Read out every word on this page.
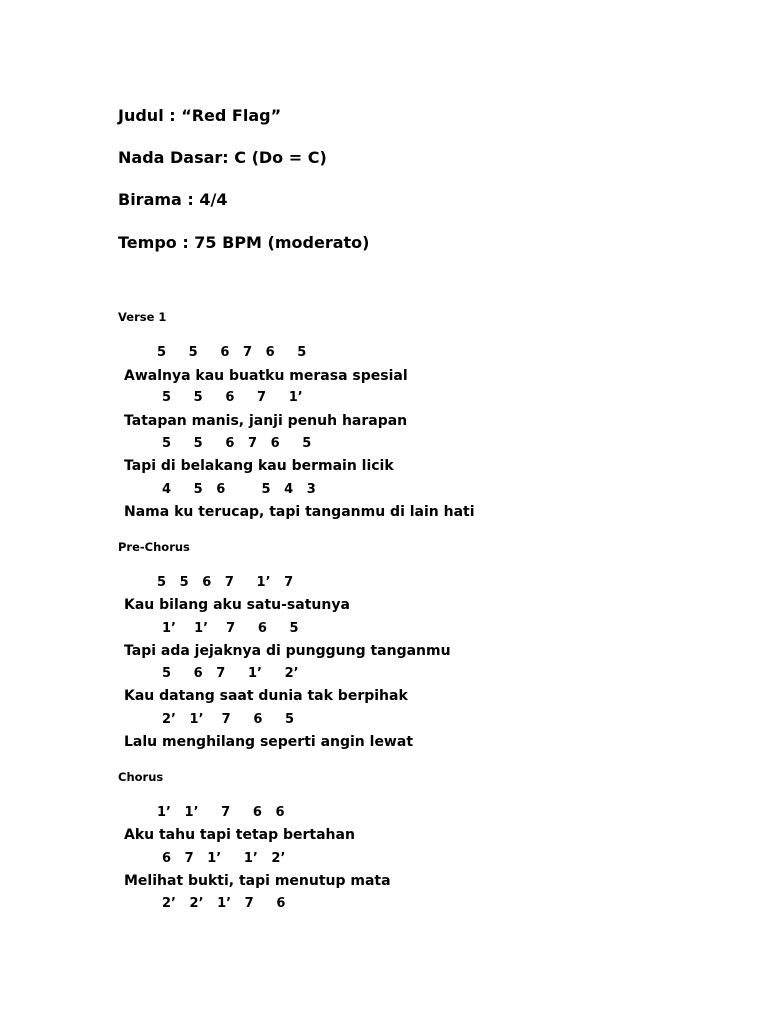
Judul : “Red Flag”
Nada Dasar: C (Do = C)
Birama : 4/4
Tempo : 75 BPM (moderato)
Verse 1
5     5     6   7   6     5
Awalnya kau buatku merasa spesial
5     5     6     7     1’
Tatapan manis, janji penuh harapan
5     5     6   7   6     5
Tapi di belakang kau bermain licik
4     5   6        5   4   3
Nama ku terucap, tapi tanganmu di lain hati
Pre-Chorus
5   5   6   7     1’   7
Kau bilang aku satu-satunya
1’    1’    7     6     5
Tapi ada jejaknya di punggung tanganmu
5     6   7     1’     2’
Kau datang saat dunia tak berpihak
2’   1’    7     6     5
Lalu menghilang seperti angin lewat
Chorus
1’   1’     7     6   6
Aku tahu tapi tetap bertahan
6   7   1’     1’   2’
Melihat bukti, tapi menutup mata
2’   2’   1’   7     6
